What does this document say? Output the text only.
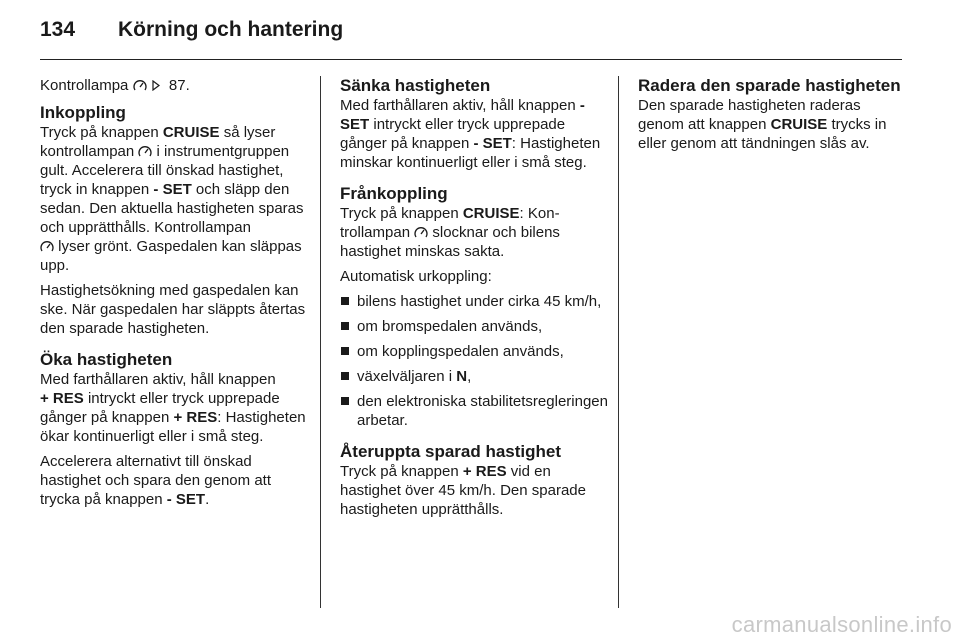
134	Körning och hantering

Kontrollampa

87.

Inkoppling

Tryck på knappen CRUISE så lyser kontrollampan
i instrumentgruppen gult. Accelerera till önskad hastighet, tryck in knappen - SET och släpp den sedan. Den aktuella hastigheten sparas och upprätthålls. Kontrollampan

lyser grönt. Gaspedalen kan släppas upp.

Hastighetsökning med gaspedalen kan ske. När gaspedalen har släppts återtas den sparade hastigheten.

Öka hastigheten

Med farthållaren aktiv, håll knappen
+ RES intryckt eller tryck upprepade gånger på knappen + RES: Hastigheten ökar kontinuerligt eller i små steg.

Accelerera alternativt till önskad hastighet och spara den genom att trycka på knappen - SET.

Sänka hastigheten

Med farthållaren aktiv, håll knappen - SET intryckt eller tryck upprepade gånger på knappen - SET: Hastigheten minskar kontinuerligt eller i små steg.

Frånkoppling

Tryck på knappen CRUISE: Kontrollampan
slocknar och bilens hastighet minskas sakta.

Automatisk urkoppling:

bilens hastighet under cirka 45 km/h,
om bromspedalen används,
om kopplingspedalen används,
växelväljaren i N,
den elektroniska stabilitetsregleringen arbetar.
Återuppta sparad hastighet

Tryck på knappen + RES vid en hastighet över 45 km/h. Den sparade hastigheten upprätthålls.

Radera den sparade hastigheten

Den sparade hastigheten raderas genom att knappen CRUISE trycks in eller genom att tändningen slås av.

carmanualsonline.info
